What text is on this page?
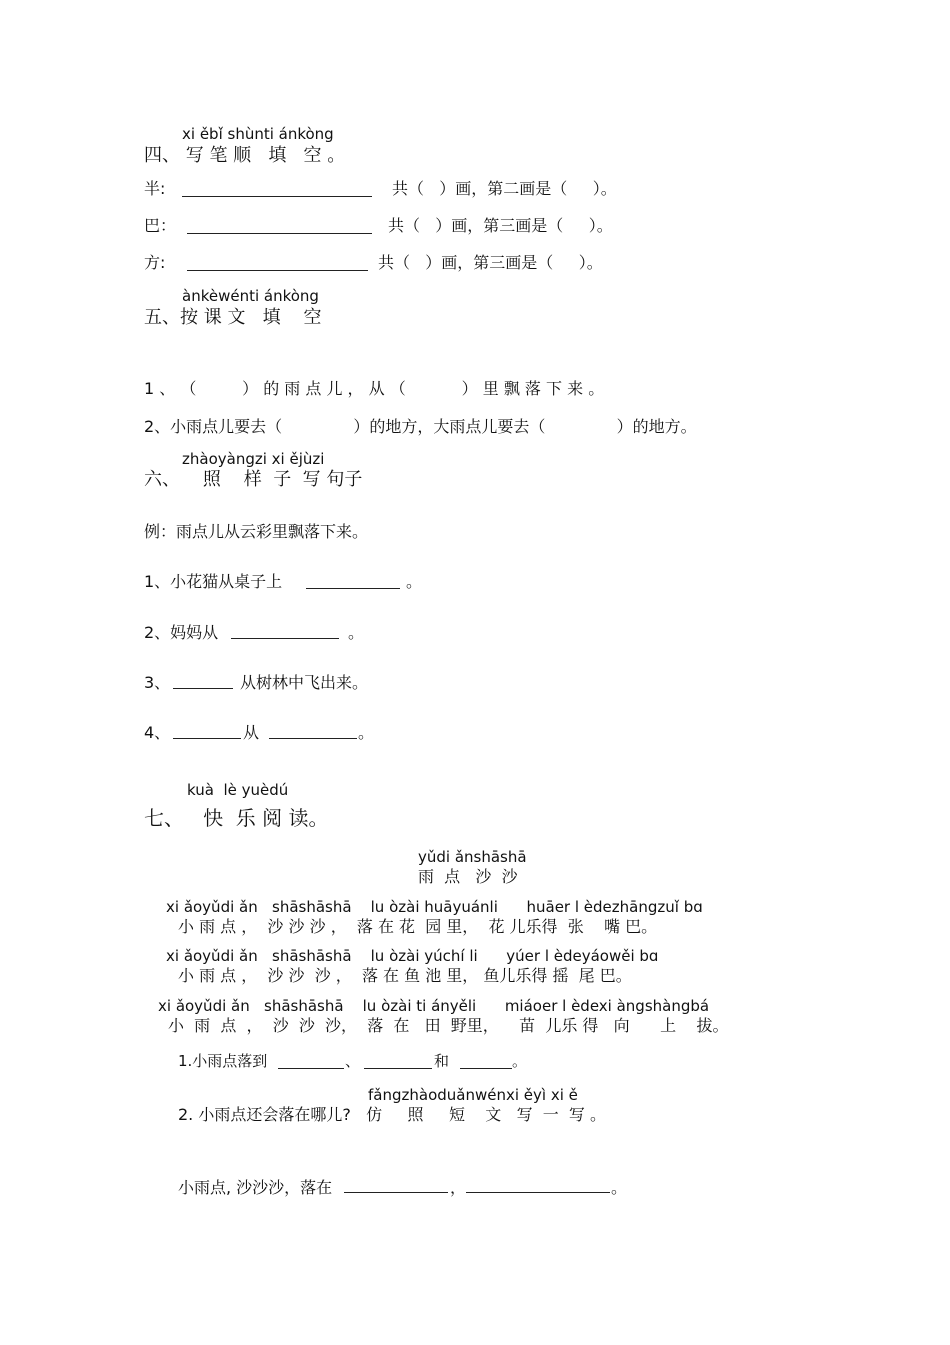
xi ěbǐ shùnti ánkòng
四、 写 笔 顺   填   空 。
半:	共（   ）画，第二画是（     ）。
巴：	共（   ）画，第三画是（     ）。
方:	共（   ）画，第三画是（     ）。
ànkèwénti ánkòng
五、按 课 文   填    空
1 、 （         ） 的 雨 点 儿 ， 从 （           ） 里 飘 落 下 来 。
2、小雨点儿要去（              ）的地方，大雨点儿要去（              ）的地方。
zhàoyàngzi xi ějùzi
六、    照    样  子  写 句子
例：雨点儿从云彩里飘落下来。
1、小花猫从桌子上	。
2、妈妈从	。
3、	从树林中飞出来。
4、	从	。
kuà  lè yuèdú
七、   快  乐 阅 读。
yǔdi ǎnshāshā
雨  点   沙  沙
xi ǎoyǔdi ǎn   shāshāshā    lu òzài huāyuánli      huāer l èdezhāngzuǐ bɑ
小 雨 点 ，  沙 沙 沙 ，  落 在 花  园 里，  花 儿乐得  张    嘴 巴。
xi ǎoyǔdi ǎn   shāshāshā    lu òzài yúchí li      yúer l èdeyáowěi bɑ
小 雨 点 ，  沙 沙  沙 ，  落 在 鱼 池 里， 鱼儿乐得 摇  尾 巴。
xi ǎoyǔdi ǎn   shāshāshā    lu òzài ti ányěli      miáoer l èdexi àngshàngbá
小  雨  点  ，  沙  沙  沙，  落  在   田  野里，    苗  儿乐 得   向      上    拔。
1.小雨点落到	、	和	。
fǎngzhàoduǎnwénxi ěyì xi ě
2. 小雨点还会落在哪儿?   仿     照     短    文   写  一  写 。
小雨点, 沙沙沙，落在	，	。
